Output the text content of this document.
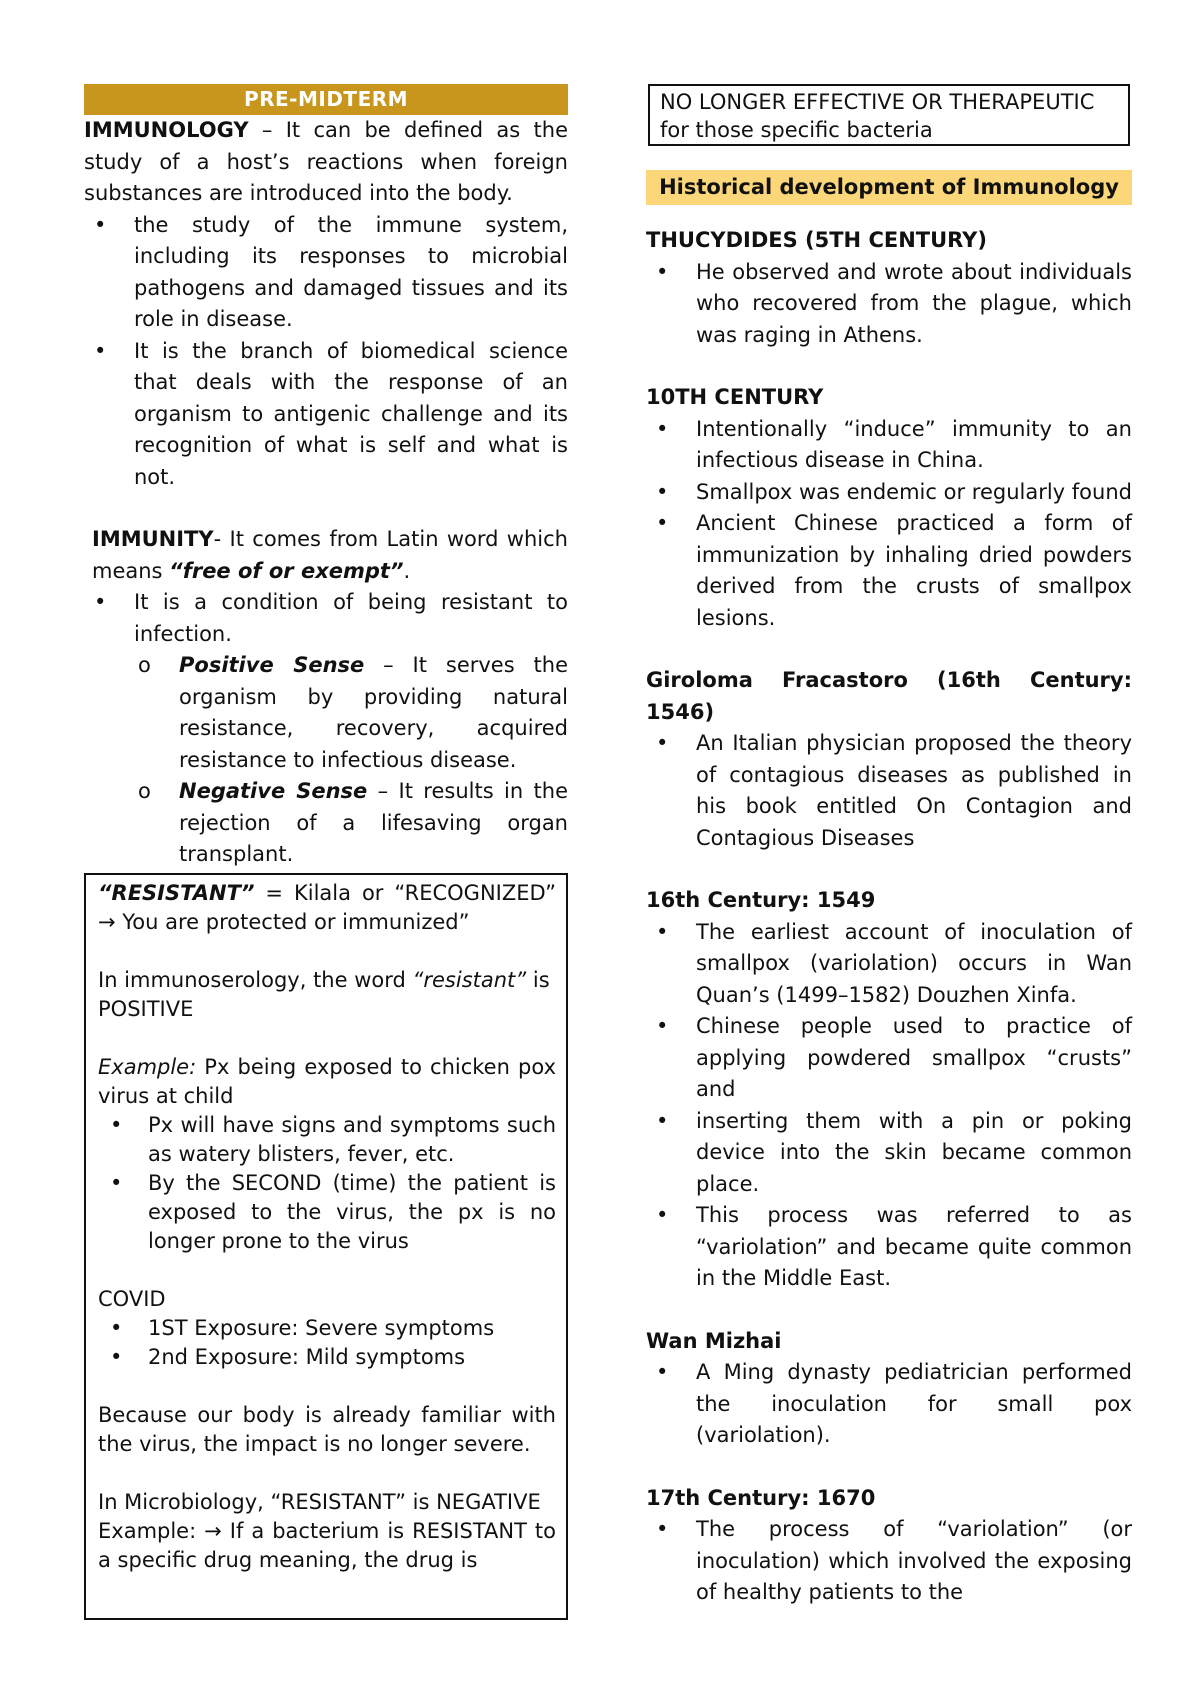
PRE-MIDTERM

IMMUNOLOGY – It can be defined as the study of a host’s reactions when foreign substances are introduced into the body.

• the study of the immune system, including its responses to microbial pathogens and damaged tissues and its role in disease.
• It is the branch of biomedical science that deals with the response of an organism to antigenic challenge and its recognition of what is self and what is not.

IMMUNITY- It comes from Latin word which means “free of or exempt”.

• It is a condition of being resistant to infection.
o Positive Sense – It serves the organism by providing natural resistance, recovery, acquired resistance to infectious disease.
o Negative Sense – It results in the rejection of a lifesaving organ transplant.

“RESISTANT” = Kilala or “RECOGNIZED” → You are protected or immunized”

In immunoserology, the word “resistant” is POSITIVE

Example: Px being exposed to chicken pox virus at child

• Px will have signs and symptoms such as watery blisters, fever, etc.
• By the SECOND (time) the patient is exposed to the virus, the px is no longer prone to the virus

COVID

• 1ST Exposure: Severe symptoms
• 2nd Exposure: Mild symptoms

Because our body is already familiar with the virus, the impact is no longer severe.

In Microbiology, “RESISTANT” is NEGATIVE

Example: → If a bacterium is RESISTANT to a specific drug meaning, the drug is

NO LONGER EFFECTIVE OR THERAPEUTIC for those specific bacteria

Historical development of Immunology

THUCYDIDES (5TH CENTURY)

• He observed and wrote about individuals who recovered from the plague, which was raging in Athens.

10TH CENTURY

• Intentionally “induce” immunity to an infectious disease in China.
• Smallpox was endemic or regularly found
• Ancient Chinese practiced a form of immunization by inhaling dried powders derived from the crusts of smallpox lesions.

Giroloma Fracastoro (16th Century: 1546)

• An Italian physician proposed the theory of contagious diseases as published in his book entitled On Contagion and Contagious Diseases

16th Century: 1549

• The earliest account of inoculation of smallpox (variolation) occurs in Wan Quan’s (1499–1582) Douzhen Xinfa.
• Chinese people used to practice of applying powdered smallpox “crusts” and
• inserting them with a pin or poking device into the skin became common place.
• This process was referred to as “variolation” and became quite common in the Middle East.

Wan Mizhai

• A Ming dynasty pediatrician performed the inoculation for small pox (variolation).

17th Century: 1670

• The process of “variolation” (or inoculation) which involved the exposing of healthy patients to the
